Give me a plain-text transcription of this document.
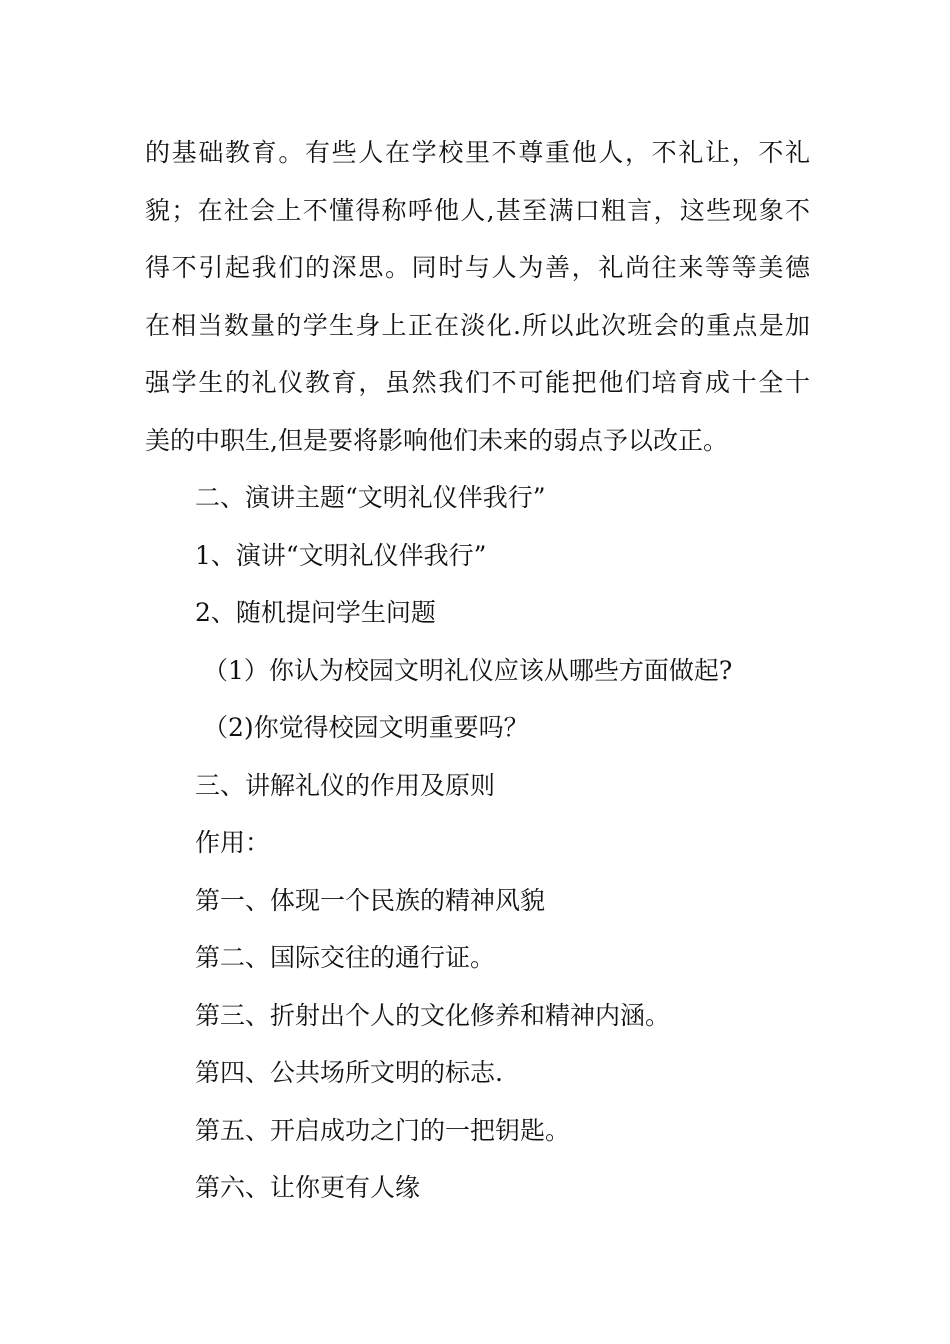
的基础教育。有些人在学校里不尊重他人，不礼让，不礼
貌；在社会上不懂得称呼他人,甚至满口粗言，这些现象不
得不引起我们的深思。同时与人为善，礼尚往来等等美德
在相当数量的学生身上正在淡化.所以此次班会的重点是加
强学生的礼仪教育，虽然我们不可能把他们培育成十全十
美的中职生,但是要将影响他们未来的弱点予以改正。
二、演讲主题“文明礼仪伴我行”
1、演讲“文明礼仪伴我行”
2、随机提问学生问题
（1）你认为校园文明礼仪应该从哪些方面做起?
（2)你觉得校园文明重要吗？
三、讲解礼仪的作用及原则
作用：
第一、体现一个民族的精神风貌
第二、国际交往的通行证。
第三、折射出个人的文化修养和精神内涵。
第四、公共场所文明的标志.
第五、开启成功之门的一把钥匙。
第六、让你更有人缘
